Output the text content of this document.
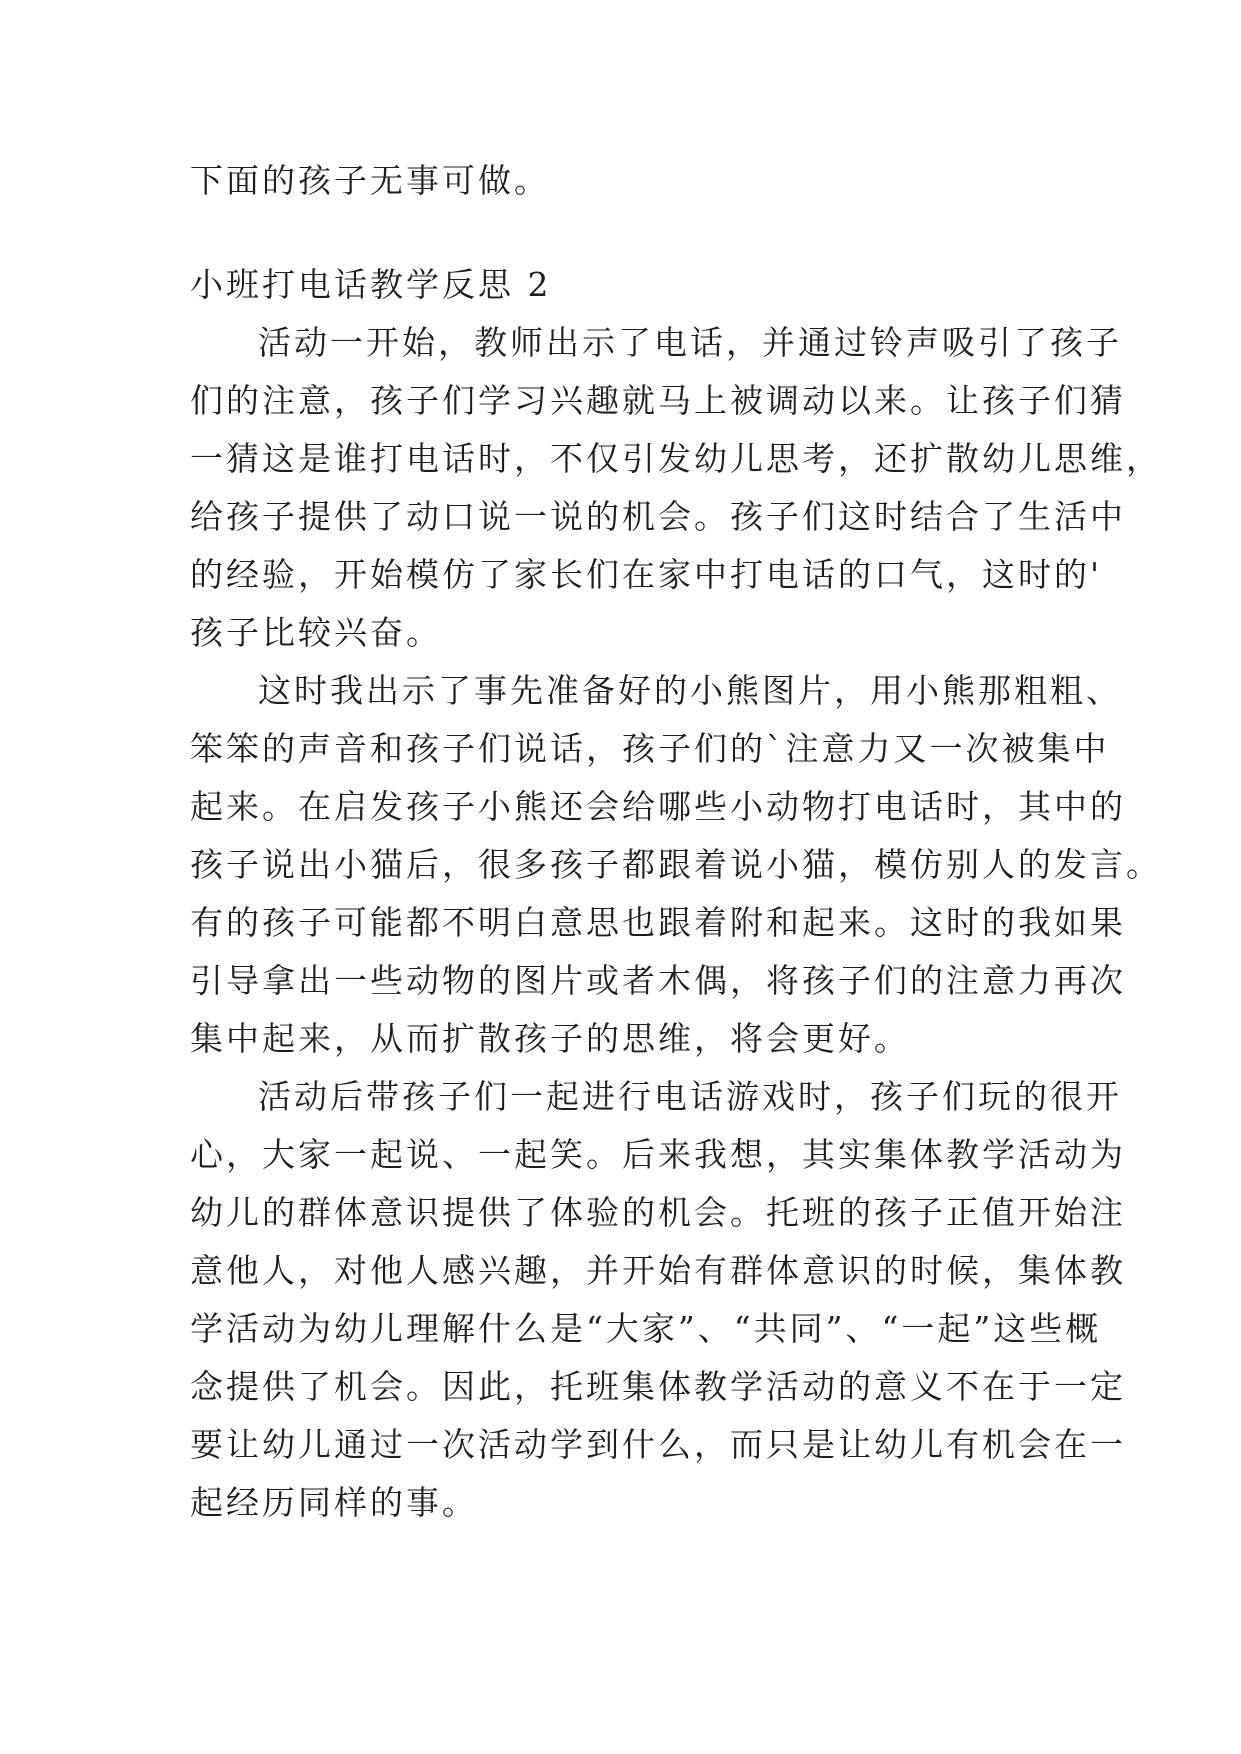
下面的孩子无事可做。
小班打电话教学反思 2
活动一开始，教师出示了电话，并通过铃声吸引了孩子
们的注意，孩子们学习兴趣就马上被调动以来。让孩子们猜
一猜这是谁打电话时，不仅引发幼儿思考，还扩散幼儿思维，
给孩子提供了动口说一说的机会。孩子们这时结合了生活中
的经验，开始模仿了家长们在家中打电话的口气，这时的'
孩子比较兴奋。
这时我出示了事先准备好的小熊图片，用小熊那粗粗、
笨笨的声音和孩子们说话，孩子们的`注意力又一次被集中
起来。在启发孩子小熊还会给哪些小动物打电话时，其中的
孩子说出小猫后，很多孩子都跟着说小猫，模仿别人的发言。
有的孩子可能都不明白意思也跟着附和起来。这时的我如果
引导拿出一些动物的图片或者木偶，将孩子们的注意力再次
集中起来，从而扩散孩子的思维，将会更好。
活动后带孩子们一起进行电话游戏时，孩子们玩的很开
心，大家一起说、一起笑。后来我想，其实集体教学活动为
幼儿的群体意识提供了体验的机会。托班的孩子正值开始注
意他人，对他人感兴趣，并开始有群体意识的时候，集体教
学活动为幼儿理解什么是“大家”、“共同”、“一起”这些概
念提供了机会。因此，托班集体教学活动的意义不在于一定
要让幼儿通过一次活动学到什么，而只是让幼儿有机会在一
起经历同样的事。
